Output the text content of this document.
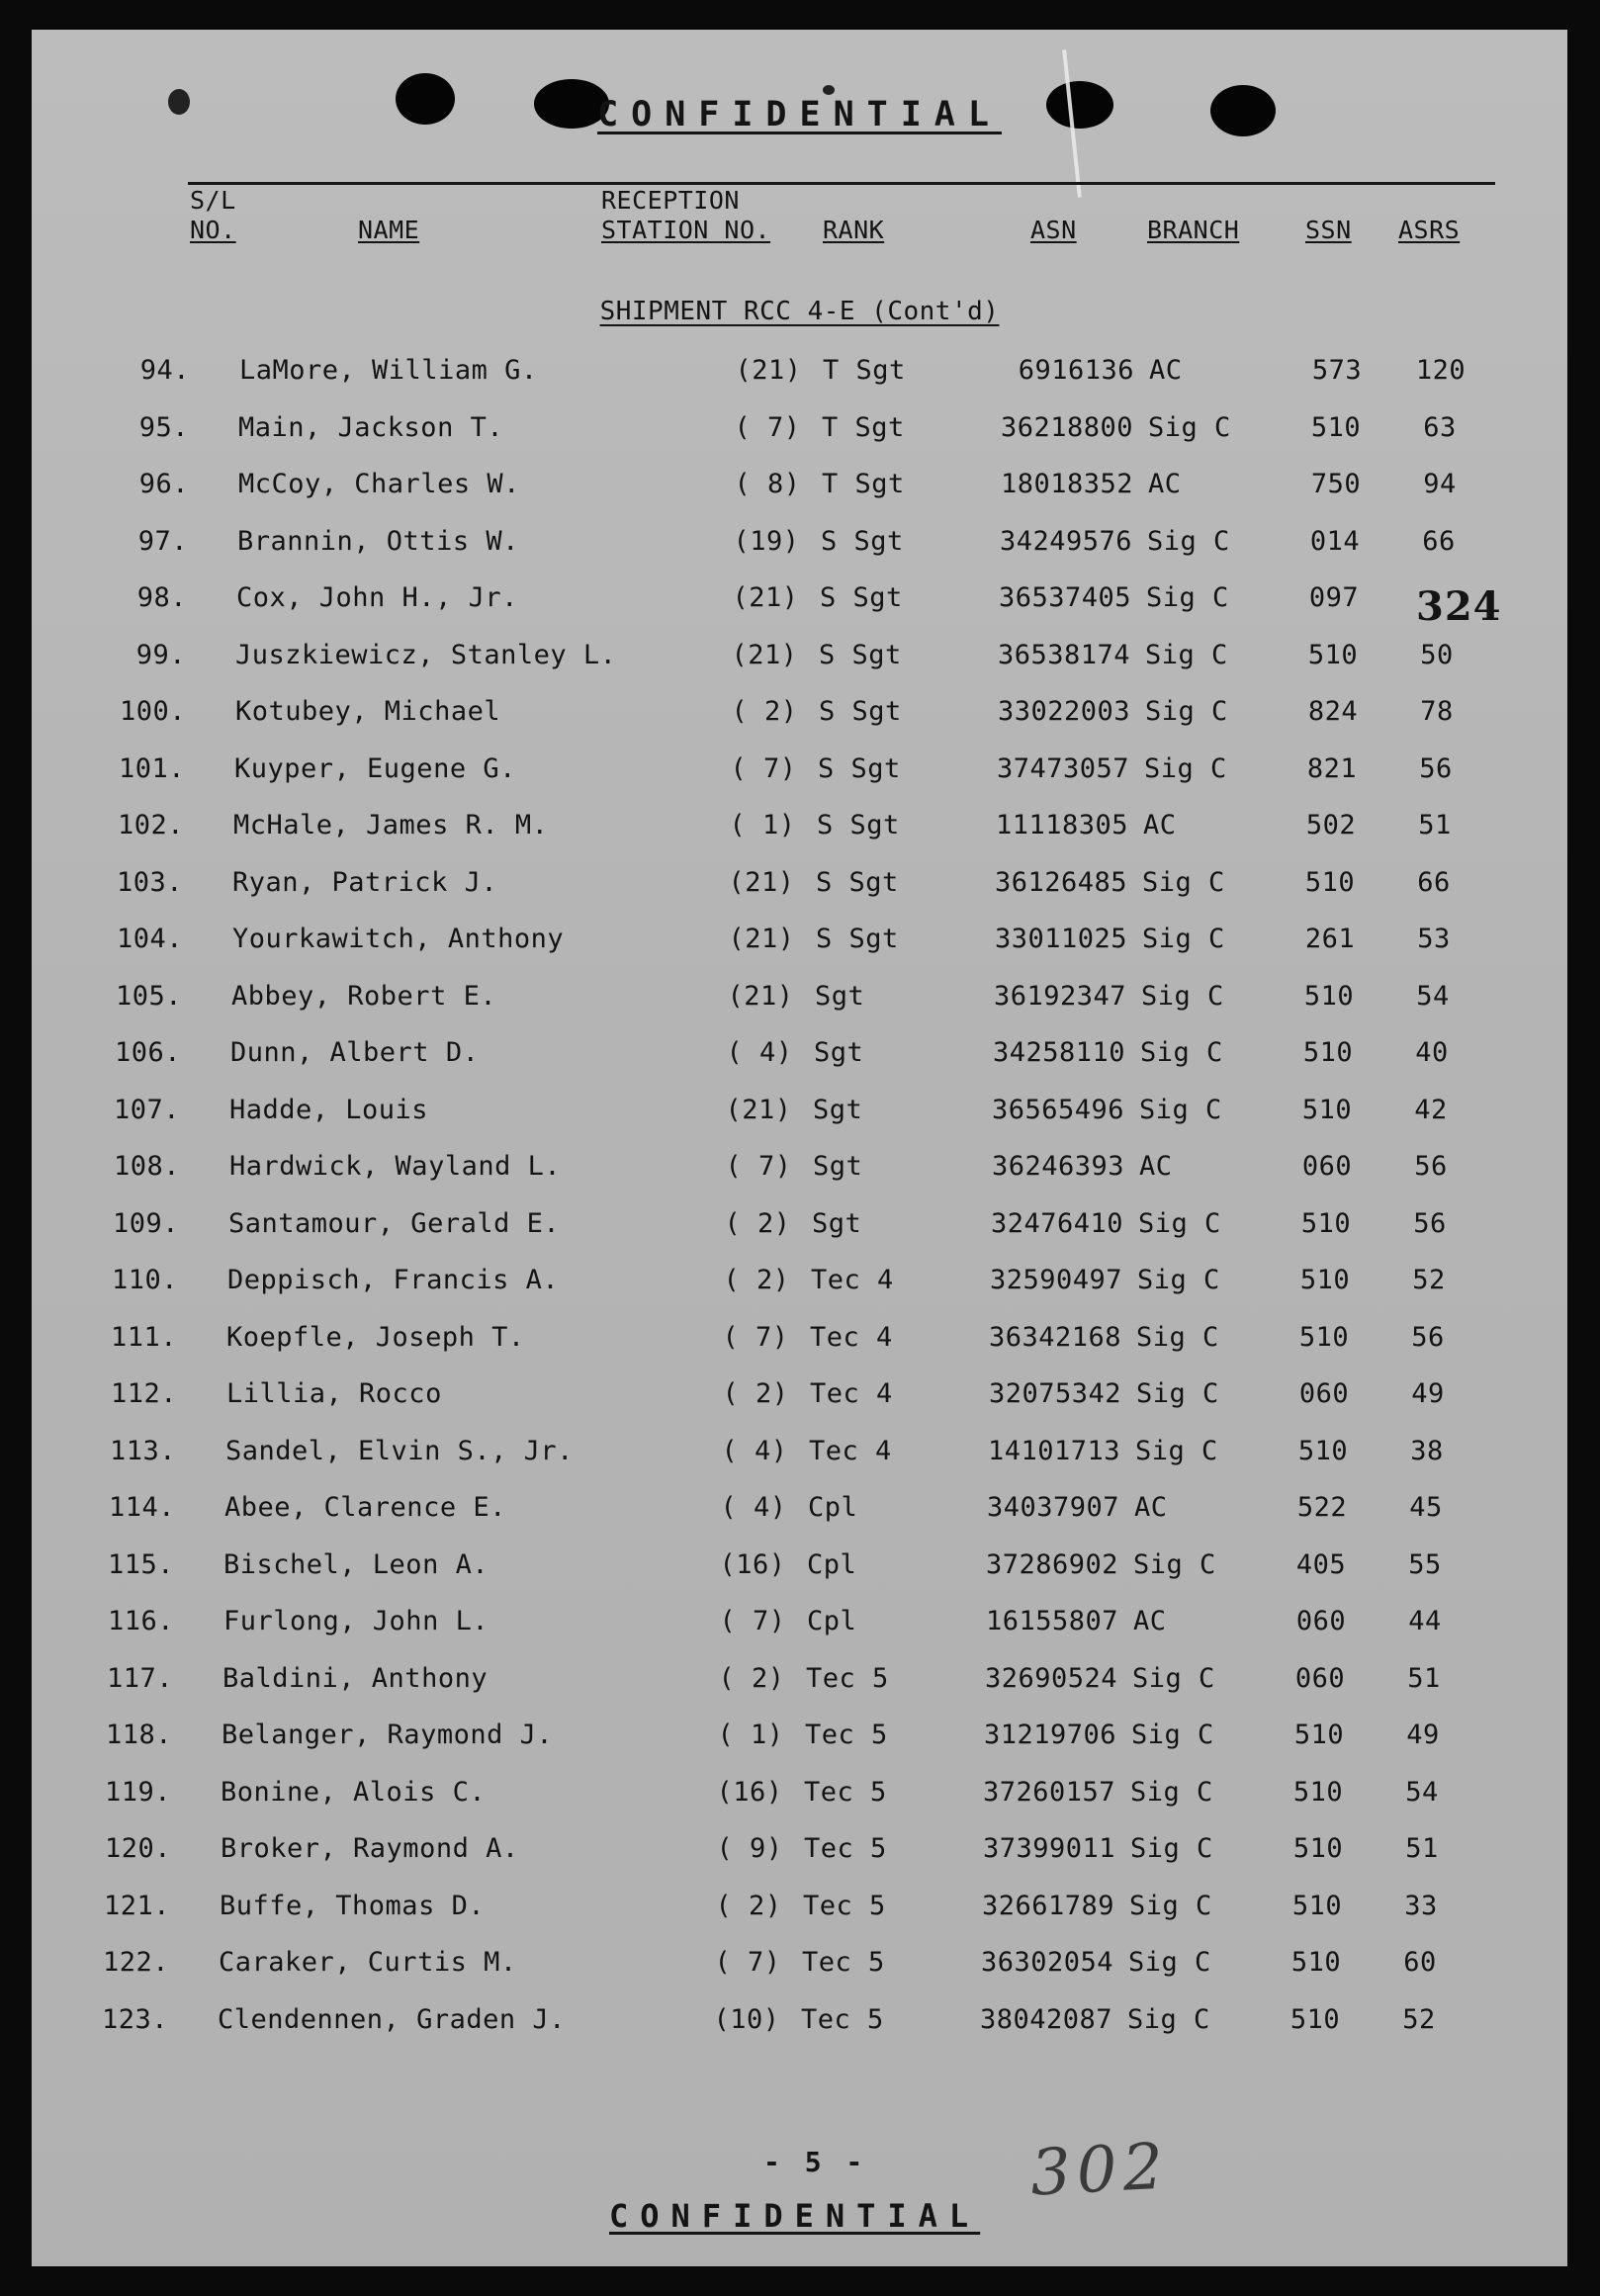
CONFIDENTIAL
S/L
NO.	NAME
RECEPTION
STATION NO. RANK	ASN	BRANCH	SSN ASRS
SHIPMENT RCC 4-E (Cont'd)
94. LaMore, William G.	(21) T Sgt	6916136 AC	573 120
95. Main, Jackson T.	( 7) T Sgt	36218800 Sig C	510	63
96. McCoy, Charles W.	( 8) T Sgt	18018352 AC	750	94
97. Brannin, Ottis W.	(19) S Sgt	34249576 Sig C	014	66
98. Cox, John H., Jr.	(21) S Sgt	36537405 Sig C	097
99. Juszkiewicz, Stanley L.	(21) S Sgt	36538174 Sig C	510	50
100. Kotubey, Michael	( 2) S Sgt	33022003 Sig C	824	78
101. Kuyper, Eugene G.	( 7) S Sgt	37473057 Sig C	821	56
102. McHale, James R. M.	( 1) S Sgt	11118305 AC	502	51
103. Ryan, Patrick J.	(21) S Sgt	36126485 Sig C	510	66
104. Yourkawitch, Anthony	(21) S Sgt	33011025 Sig C	261	53
105. Abbey, Robert E.	(21) Sgt	36192347 Sig C	510	54
106. Dunn, Albert D.	( 4) Sgt	34258110 Sig C	510	40
107. Hadde, Louis	(21) Sgt	36565496 Sig C	510	42
108. Hardwick, Wayland L.	( 7) Sgt	36246393 AC	060	56
109. Santamour, Gerald E.	( 2) Sgt	32476410 Sig C	510	56
110. Deppisch, Francis A.	( 2) Tec 4	32590497 Sig C	510	52
111. Koepfle, Joseph T.	( 7) Tec 4	36342168 Sig C	510	56
112. Lillia, Rocco	( 2) Tec 4	32075342 Sig C	060	49
113. Sandel, Elvin S., Jr.	( 4) Tec 4	14101713 Sig C	510	38
114. Abee, Clarence E.	( 4) Cpl	34037907 AC	522	45
115. Bischel, Leon A.	(16) Cpl	37286902 Sig C	405	55
116. Furlong, John L.	( 7) Cpl	16155807 AC	060	44
117. Baldini, Anthony	( 2) Tec 5	32690524 Sig C	060	51
118. Belanger, Raymond J.	( 1) Tec 5	31219706 Sig C	510	49
119. Bonine, Alois C.	(16) Tec 5	37260157 Sig C	510	54
120. Broker, Raymond A.	( 9) Tec 5	37399011 Sig C	510	51
121. Buffe, Thomas D.	( 2) Tec 5	32661789 Sig C	510	33
122. Caraker, Curtis M.	( 7) Tec 5	36302054 Sig C	510	60
123. Clendennen, Graden J.	(10) Tec 5	38042087 Sig C	510	52
324
- 5 -
CONFIDENTIAL
302
